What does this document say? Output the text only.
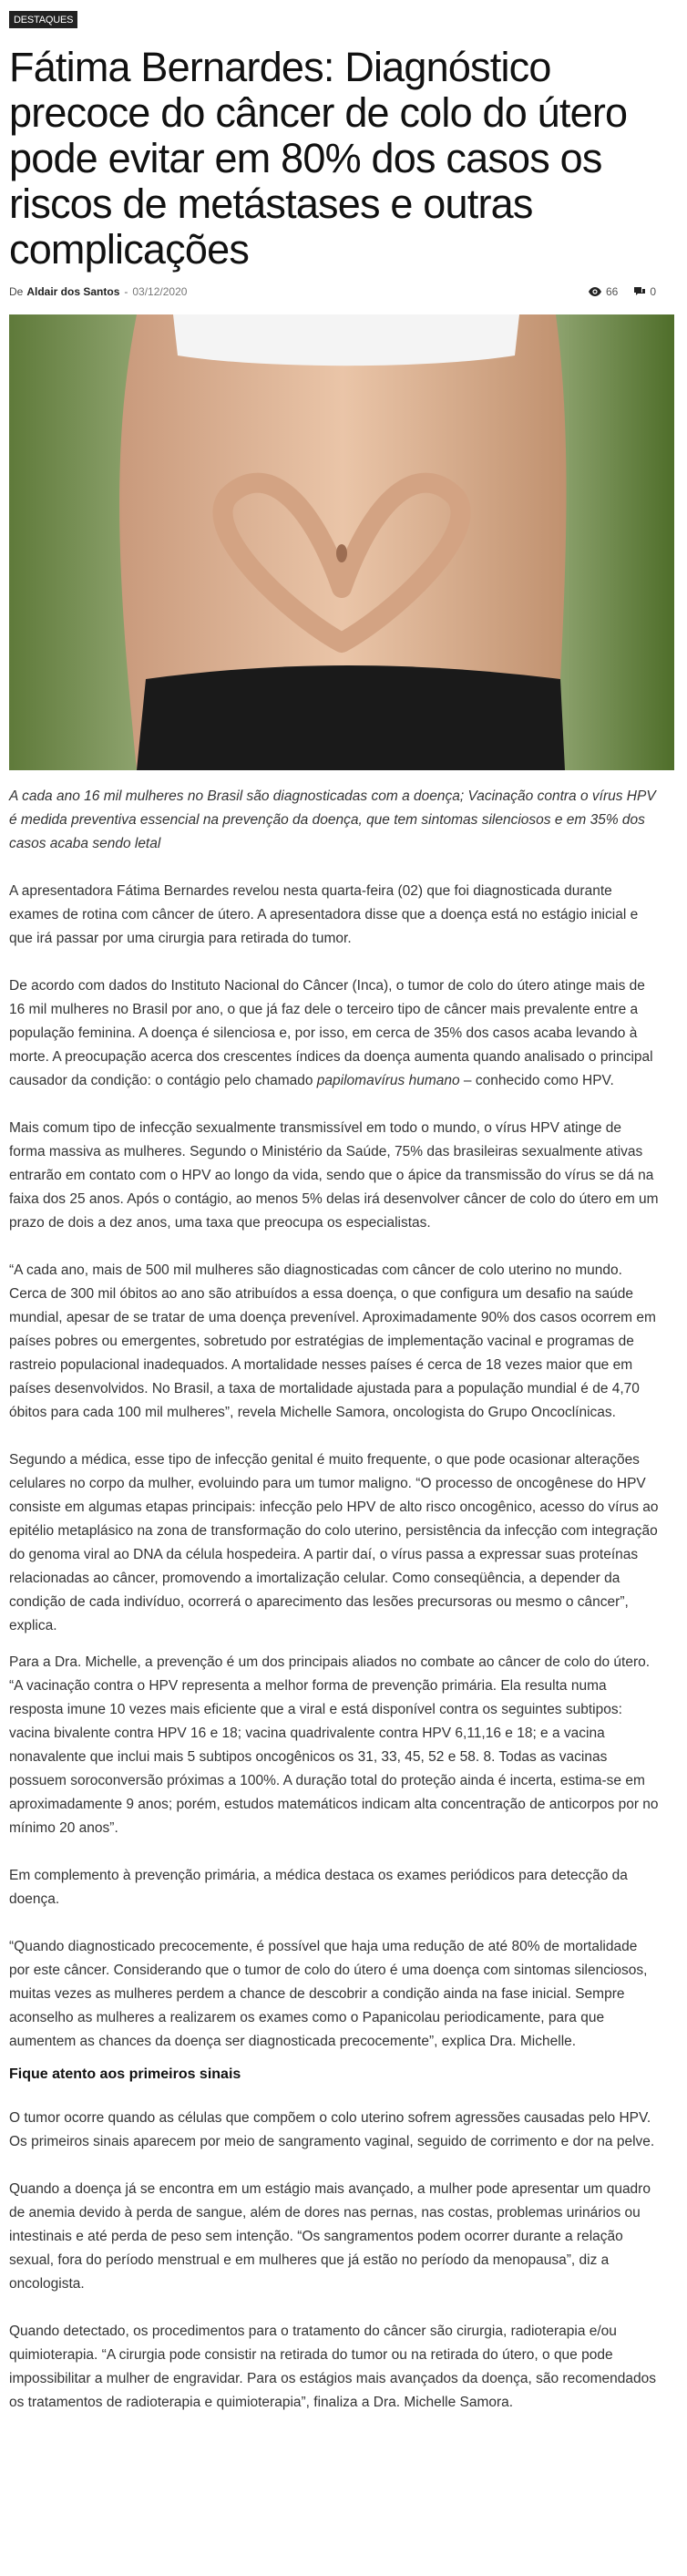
DESTAQUES
Fátima Bernardes: Diagnóstico precoce do câncer de colo do útero pode evitar em 80% dos casos os riscos de metástases e outras complicações
De Aldair dos Santos - 03/12/2020	66	0

A cada ano 16 mil mulheres no Brasil são diagnosticadas com a doença; Vacinação contra o vírus HPV é medida preventiva essencial na prevenção da doença, que tem sintomas silenciosos e em 35% dos casos acaba sendo letal

A apresentadora Fátima Bernardes revelou nesta quarta-feira (02) que foi diagnosticada durante exames de rotina com câncer de útero. A apresentadora disse que a doença está no estágio inicial e que irá passar por uma cirurgia para retirada do tumor.

De acordo com dados do Instituto Nacional do Câncer (Inca), o tumor de colo do útero atinge mais de 16 mil mulheres no Brasil por ano, o que já faz dele o terceiro tipo de câncer mais prevalente entre a população feminina. A doença é silenciosa e, por isso, em cerca de 35% dos casos acaba levando à morte. A preocupação acerca dos crescentes índices da doença aumenta quando analisado o principal causador da condição: o contágio pelo chamado papilomavírus humano – conhecido como HPV.

Mais comum tipo de infecção sexualmente transmissível em todo o mundo, o vírus HPV atinge de forma massiva as mulheres. Segundo o Ministério da Saúde, 75% das brasileiras sexualmente ativas entrarão em contato com o HPV ao longo da vida, sendo que o ápice da transmissão do vírus se dá na faixa dos 25 anos. Após o contágio, ao menos 5% delas irá desenvolver câncer de colo do útero em um prazo de dois a dez anos, uma taxa que preocupa os especialistas.

“A cada ano, mais de 500 mil mulheres são diagnosticadas com câncer de colo uterino no mundo. Cerca de 300 mil óbitos ao ano são atribuídos a essa doença, o que configura um desafio na saúde mundial, apesar de se tratar de uma doença prevenível. Aproximadamente 90% dos casos ocorrem em países pobres ou emergentes, sobretudo por estratégias de implementação vacinal e programas de rastreio populacional inadequados. A mortalidade nesses países é cerca de 18 vezes maior que em países desenvolvidos. No Brasil, a taxa de mortalidade ajustada para a população mundial é de 4,70 óbitos para cada 100 mil mulheres”, revela Michelle Samora, oncologista do Grupo Oncoclínicas.

Segundo a médica, esse tipo de infecção genital é muito frequente, o que pode ocasionar alterações celulares no corpo da mulher, evoluindo para um tumor maligno. “O processo de oncogênese do HPV consiste em algumas etapas principais: infecção pelo HPV de alto risco oncogênico, acesso do vírus ao epitélio metaplásico na zona de transformação do colo uterino, persistência da infecção com integração do genoma viral ao DNA da célula hospedeira. A partir daí, o vírus passa a expressar suas proteínas relacionadas ao câncer, promovendo a imortalização celular. Como conseqüência, a depender da condição de cada indivíduo, ocorrerá o aparecimento das lesões precursoras ou mesmo o câncer”, explica.

Para a Dra. Michelle, a prevenção é um dos principais aliados no combate ao câncer de colo do útero. “A vacinação contra o HPV representa a melhor forma de prevenção primária. Ela resulta numa resposta imune 10 vezes mais eficiente que a viral e está disponível contra os seguintes subtipos: vacina bivalente contra HPV 16 e 18; vacina quadrivalente contra HPV 6,11,16 e 18; e a vacina nonavalente que inclui mais 5 subtipos oncogênicos os 31, 33, 45, 52 e 58. 8. Todas as vacinas possuem soroconversão próximas a 100%. A duração total do proteção ainda é incerta, estima-se em aproximadamente 9 anos; porém, estudos matemáticos indicam alta concentração de anticorpos por no mínimo 20 anos”.

Em complemento à prevenção primária, a médica destaca os exames periódicos para detecção da doença.

“Quando diagnosticado precocemente, é possível que haja uma redução de até 80% de mortalidade por este câncer. Considerando que o tumor de colo do útero é uma doença com sintomas silenciosos, muitas vezes as mulheres perdem a chance de descobrir a condição ainda na fase inicial. Sempre aconselho as mulheres a realizarem os exames como o Papanicolau periodicamente, para que aumentem as chances da doença ser diagnosticada precocemente”, explica Dra. Michelle.

Fique atento aos primeiros sinais

O tumor ocorre quando as células que compõem o colo uterino sofrem agressões causadas pelo HPV. Os primeiros sinais aparecem por meio de sangramento vaginal, seguido de corrimento e dor na pelve.

Quando a doença já se encontra em um estágio mais avançado, a mulher pode apresentar um quadro de anemia devido à perda de sangue, além de dores nas pernas, nas costas, problemas urinários ou intestinais e até perda de peso sem intenção. “Os sangramentos podem ocorrer durante a relação sexual, fora do período menstrual e em mulheres que já estão no período da menopausa”, diz a oncologista.

Quando detectado, os procedimentos para o tratamento do câncer são cirurgia, radioterapia e/ou quimioterapia. “A cirurgia pode consistir na retirada do tumor ou na retirada do útero, o que pode impossibilitar a mulher de engravidar. Para os estágios mais avançados da doença, são recomendados os tratamentos de radioterapia e quimioterapia”, finaliza a Dra. Michelle Samora.
